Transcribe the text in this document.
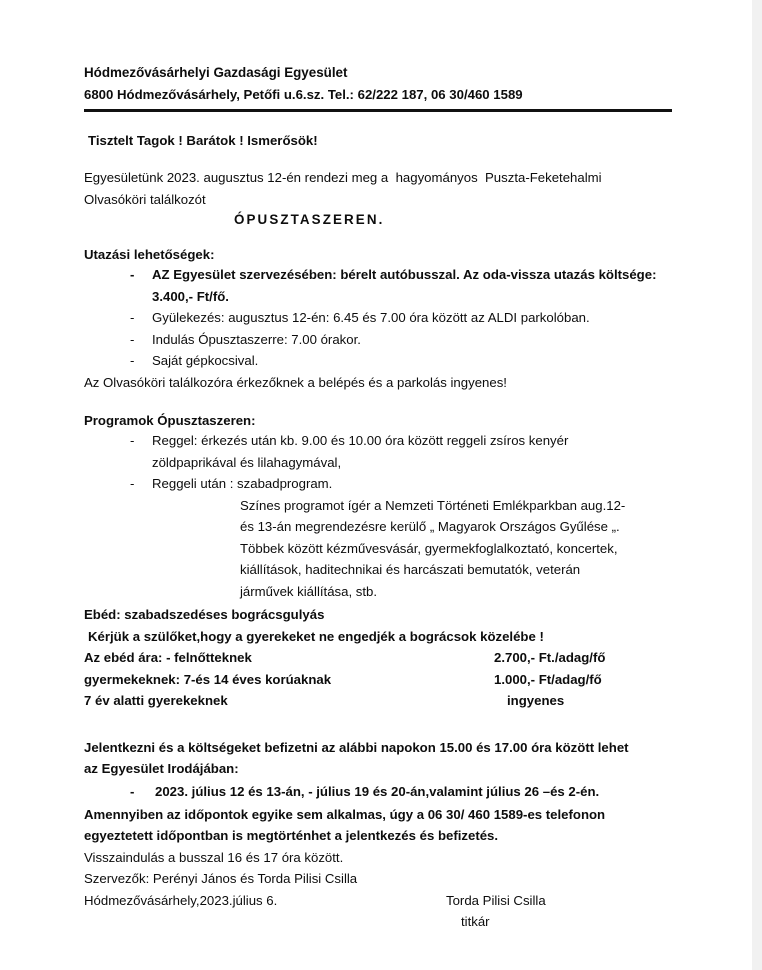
Hódmezővásárhelyi Gazdasági Egyesület
6800 Hódmezővásárhely, Petőfi u.6.sz. Tel.: 62/222 187, 06 30/460 1589
Tisztelt Tagok ! Barátok ! Ismerősök!
Egyesületünk 2023. augusztus 12-én rendezi meg a  hagyományos  Puszta-Feketehalmi
Olvasóköri találkozót
ÓPUSZTASZEREN.
Utazási lehetőségek:
- AZ Egyesület szervezésében: bérelt autóbusszal. Az oda-vissza utazás költsége:
3.400,- Ft/fő.
- Gyülekezés: augusztus 12-én: 6.45 és 7.00 óra között az ALDI parkolóban.
- Indulás Ópusztaszerre: 7.00 órakor.
- Saját gépkocsival.
Az Olvasóköri találkozóra érkezőknek a belépés és a parkolás ingyenes!
Programok Ópusztaszeren:
- Reggel: érkezés után kb. 9.00 és 10.00 óra között reggeli zsíros kenyér
zöldpaprikával és lilahagymával,
- Reggeli után : szabadprogram.
Színes programot ígér a Nemzeti Történeti Emlékparkban aug.12-
és 13-án megrendezésre kerülő „ Magyarok Országos Gyűlése „.
Többek között kézművesvásár, gyermekfoglalkoztató, koncertek,
kiállítások, haditechnikai és harcászati bemutatók, veterán
járművek kiállítása, stb.
Ebéd: szabadszedéses bográcsgulyás
Kérjük a szülőket,hogy a gyerekeket ne engedjék a bográcsok közelébe !
Az ebéd ára: - felnőtteknek	2.700,- Ft./adag/fő
gyermekeknek: 7-és 14 éves korúaknak	1.000,- Ft/adag/fő
7 év alatti gyerekeknek	ingyenes
Jelentkezni és a költségeket befizetni az alábbi napokon 15.00 és 17.00 óra között lehet
az Egyesület Irodájában:
- 2023. július 12 és 13-án, - július 19 és 20-án,valamint július 26 –és 2-én.
Amennyiben az időpontok egyike sem alkalmas, úgy a 06 30/ 460 1589-es telefonon
egyeztetett időpontban is megtörténhet a jelentkezés és befizetés.
Visszaindulás a busszal 16 és 17 óra között.
Szervezők: Perényi János és Torda Pilisi Csilla
Hódmezővásárhely,2023.július 6.	Torda Pilisi Csilla
titkár
